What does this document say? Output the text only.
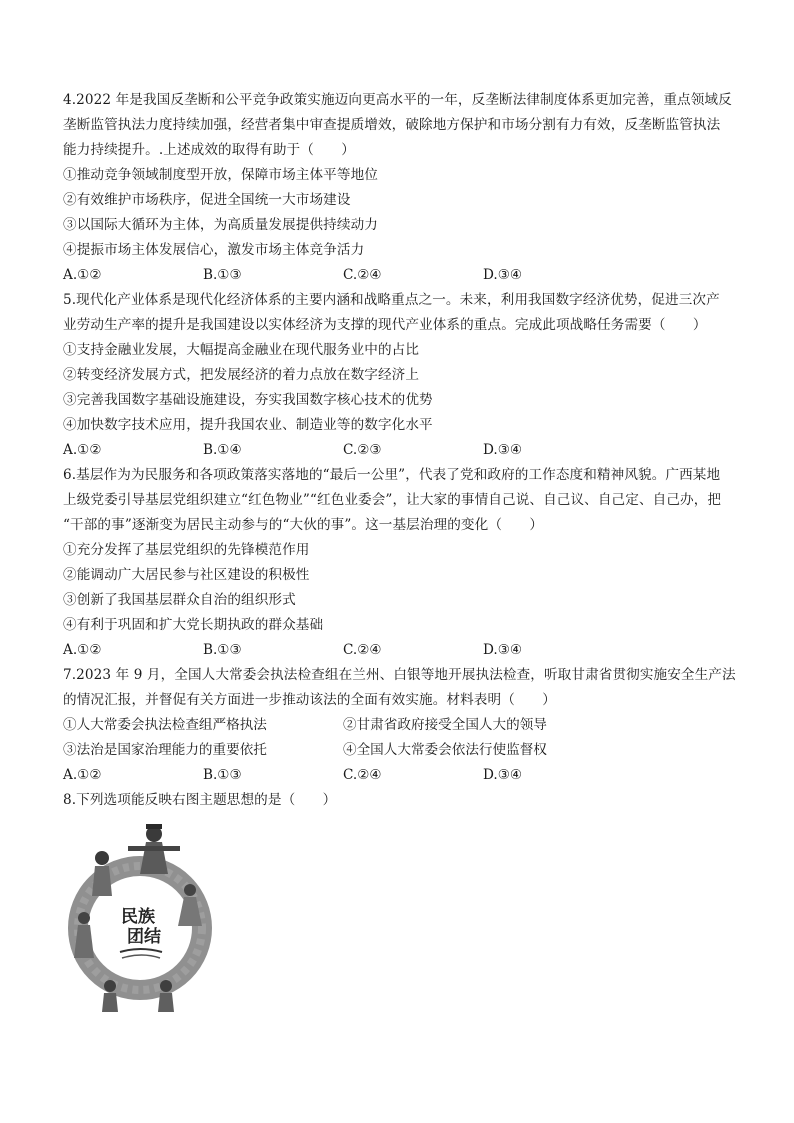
4.2022 年是我国反垄断和公平竞争政策实施迈向更高水平的一年，反垄断法律制度体系更加完善，重点领域反
垄断监管执法力度持续加强，经营者集中审查提质增效，破除地方保护和市场分割有力有效，反垄断监管执法
能力持续提升。.上述成效的取得有助于（　　）
①推动竞争领域制度型开放，保障市场主体平等地位
②有效维护市场秩序，促进全国统一大市场建设
③以国际大循环为主体，为高质量发展提供持续动力
④提振市场主体发展信心，激发市场主体竞争活力
A.①②	B.①③	C.②④	D.③④
5.现代化产业体系是现代化经济体系的主要内涵和战略重点之一。未来，利用我国数字经济优势，促进三次产
业劳动生产率的提升是我国建设以实体经济为支撑的现代产业体系的重点。完成此项战略任务需要（　　）
①支持金融业发展，大幅提高金融业在现代服务业中的占比
②转变经济发展方式，把发展经济的着力点放在数字经济上
③完善我国数字基础设施建设，夯实我国数字核心技术的优势
④加快数字技术应用，提升我国农业、制造业等的数字化水平
A.①②	B.①④	C.②③	D.③④
6.基层作为为民服务和各项政策落实落地的“最后一公里”，代表了党和政府的工作态度和精神风貌。广西某地
上级党委引导基层党组织建立“红色物业”“红色业委会”，让大家的事情自己说、自己议、自己定、自己办，把
“干部的事”逐渐变为居民主动参与的“大伙的事”。这一基层治理的变化（　　）
①充分发挥了基层党组织的先锋模范作用
②能调动广大居民参与社区建设的积极性
③创新了我国基层群众自治的组织形式
④有利于巩固和扩大党长期执政的群众基础
A.①②	B.①③	C.②④	D.③④
7.2023 年 9 月，全国人大常委会执法检查组在兰州、白银等地开展执法检查，听取甘肃省贯彻实施安全生产法
的情况汇报，并督促有关方面进一步推动该法的全面有效实施。材料表明（　　）
①人大常委会执法检查组严格执法	②甘肃省政府接受全国人大的领导
③法治是国家治理能力的重要依托	④全国人大常委会依法行使监督权
A.①②	B.①③	C.②④	D.③④
8.下列选项能反映右图主题思想的是（　　）
民族
团结
